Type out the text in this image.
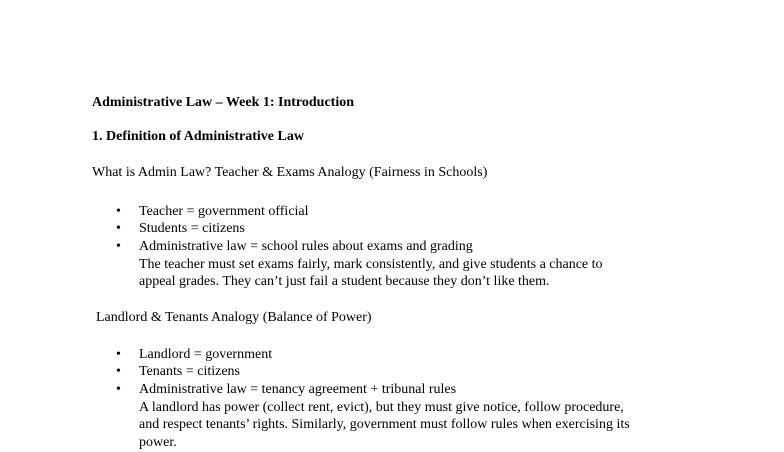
Administrative Law – Week 1: Introduction
1. Definition of Administrative Law
What is Admin Law? Teacher & Exams Analogy (Fairness in Schools)
• Teacher = government official
• Students = citizens
• Administrative law = school rules about exams and grading
The teacher must set exams fairly, mark consistently, and give students a chance to
appeal grades. They can’t just fail a student because they don’t like them.
Landlord & Tenants Analogy (Balance of Power)
• Landlord = government
• Tenants = citizens
• Administrative law = tenancy agreement + tribunal rules
A landlord has power (collect rent, evict), but they must give notice, follow procedure,
and respect tenants’ rights. Similarly, government must follow rules when exercising its
power.
